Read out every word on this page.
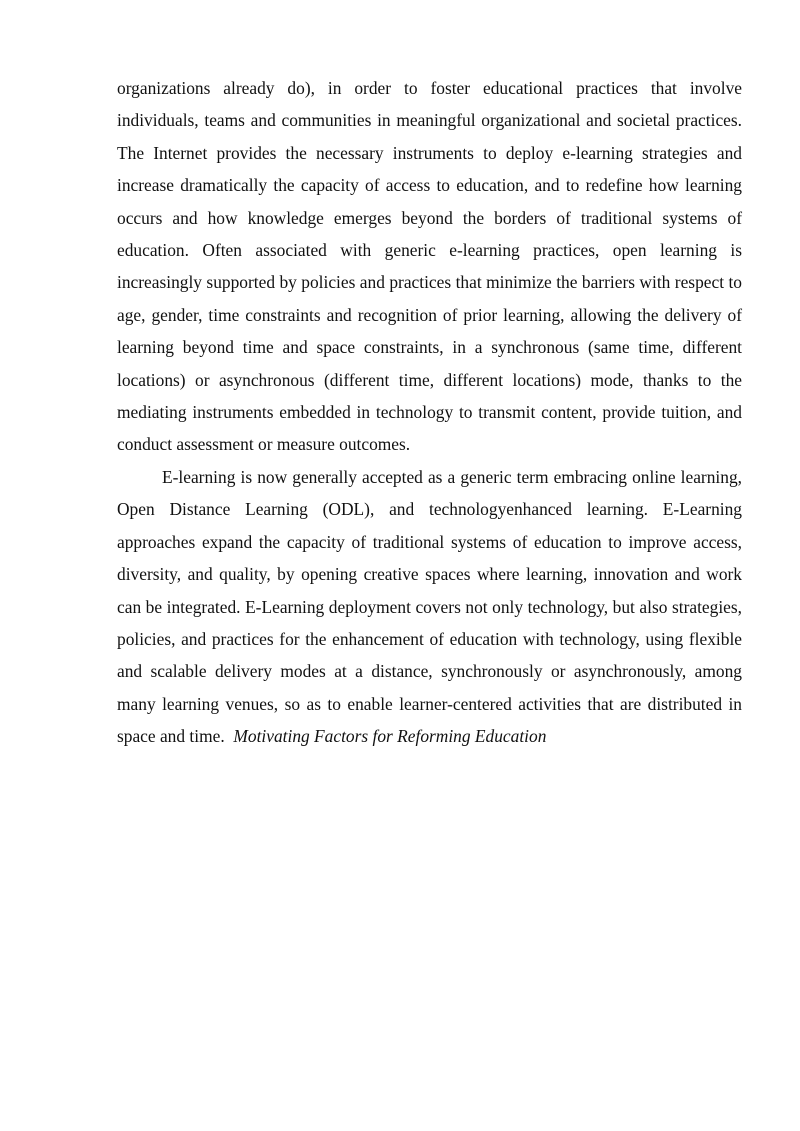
organizations already do), in order to foster educational practices that involve individuals, teams and communities in meaningful organizational and societal practices. The Internet provides the necessary instruments to deploy e-learning strategies and increase dramatically the capacity of access to education, and to redefine how learning occurs and how knowledge emerges beyond the borders of traditional systems of education. Often associated with generic e-learning practices, open learning is increasingly supported by policies and practices that minimize the barriers with respect to age, gender, time constraints and recognition of prior learning, allowing the delivery of learning beyond time and space constraints, in a synchronous (same time, different locations) or asynchronous (different time, different locations) mode, thanks to the mediating instruments embedded in technology to transmit content, provide tuition, and conduct assessment or measure outcomes.

E-learning is now generally accepted as a generic term embracing online learning, Open Distance Learning (ODL), and technologyenhanced learning. E-Learning approaches expand the capacity of traditional systems of education to improve access, diversity, and quality, by opening creative spaces where learning, innovation and work can be integrated. E-Learning deployment covers not only technology, but also strategies, policies, and practices for the enhancement of education with technology, using flexible and scalable delivery modes at a distance, synchronously or asynchronously, among many learning venues, so as to enable learner-centered activities that are distributed in space and time. Motivating Factors for Reforming Education
